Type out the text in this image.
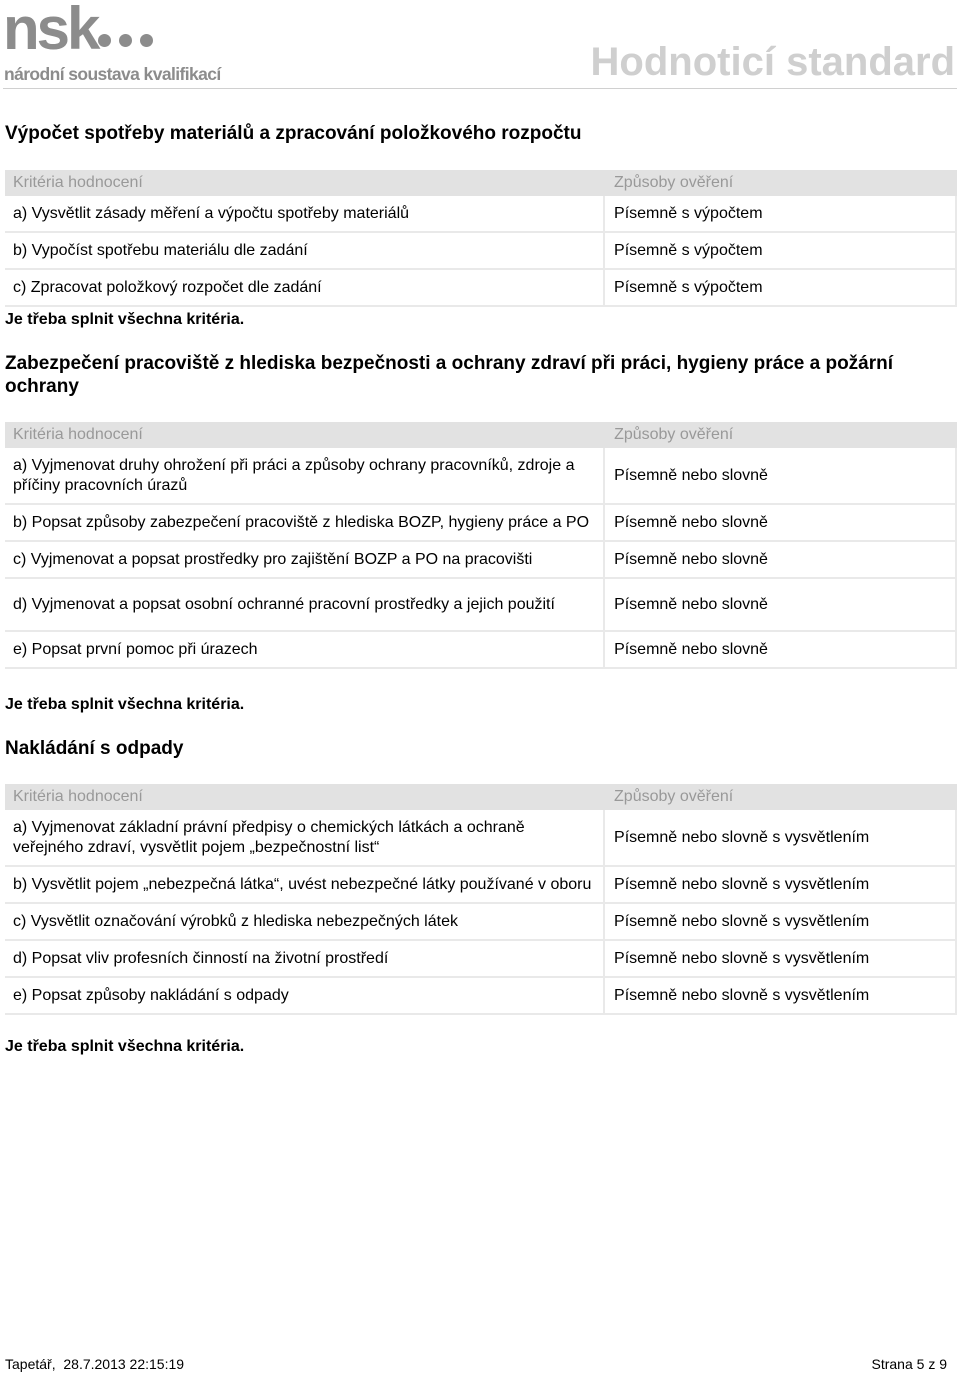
nsk
národní soustava kvalifikací	Hodnoticí standard
Výpočet spotřeby materiálů a zpracování položkového rozpočtu
Kritéria hodnocení	Způsoby ověření
a) Vysvětlit zásady měření a výpočtu spotřeby materiálů	Písemně s výpočtem
b) Vypočíst spotřebu materiálu dle zadání	Písemně s výpočtem
c) Zpracovat položkový rozpočet dle zadání	Písemně s výpočtem
Je třeba splnit všechna kritéria.
Zabezpečení pracoviště z hlediska bezpečnosti a ochrany zdraví při práci, hygieny práce a požární ochrany
Kritéria hodnocení	Způsoby ověření
a) Vyjmenovat druhy ohrožení při práci a způsoby ochrany pracovníků, zdroje a příčiny pracovních úrazů	Písemně nebo slovně
b) Popsat způsoby zabezpečení pracoviště z hlediska BOZP, hygieny práce a PO	Písemně nebo slovně
c) Vyjmenovat a popsat prostředky pro zajištění BOZP a PO na pracovišti	Písemně nebo slovně
d) Vyjmenovat a popsat osobní ochranné pracovní prostředky a jejich použití	Písemně nebo slovně
e) Popsat první pomoc při úrazech	Písemně nebo slovně
Je třeba splnit všechna kritéria.
Nakládání s odpady
Kritéria hodnocení	Způsoby ověření
a) Vyjmenovat základní právní předpisy o chemických látkách a ochraně veřejného zdraví, vysvětlit pojem „bezpečnostní list“	Písemně nebo slovně s vysvětlením
b) Vysvětlit pojem „nebezpečná látka“, uvést nebezpečné látky používané v oboru	Písemně nebo slovně s vysvětlením
c) Vysvětlit označování výrobků z hlediska nebezpečných látek	Písemně nebo slovně s vysvětlením
d) Popsat vliv profesních činností na životní prostředí	Písemně nebo slovně s vysvětlením
e) Popsat způsoby nakládání s odpady	Písemně nebo slovně s vysvětlením
Je třeba splnit všechna kritéria.
Tapetář,  28.7.2013 22:15:19	Strana 5 z 9
